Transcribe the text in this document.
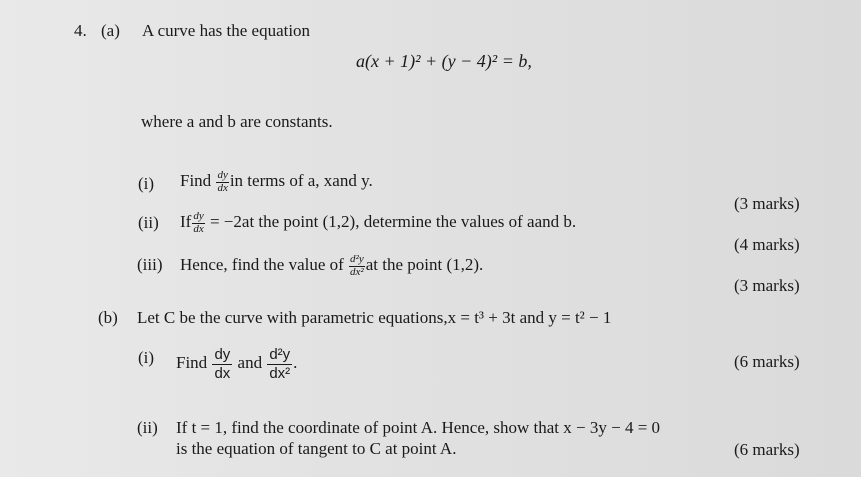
4. (a) A curve has the equation
a(x + 1)² + (y − 4)² = b,
where a and b are constants.
(i) Find $\frac{dy}{dx}$ in terms of a, xand y.
(3 marks)
(ii) If $\frac{dy}{dx} = -2at$ the point (1,2), determine the values of aand b.
(4 marks)
(iii) Hence, find the value of $\frac{\text{d²y}}{\text{dx²}}$ at the point (1,2).
(3 marks)
(b) Let C be the curve with parametric equations,x = t³ + 3t and y = t² − 1
(i) Find $\frac{dy}{dx}$ and $\frac{\text{d²y}}{\text{dx²}}$ .	(6 marks)
(ii) If t = 1, find the coordinate of point A. Hence, show that x − 3y − 4 = 0
is the equation of tangent to C at point A.	(6 marks)
